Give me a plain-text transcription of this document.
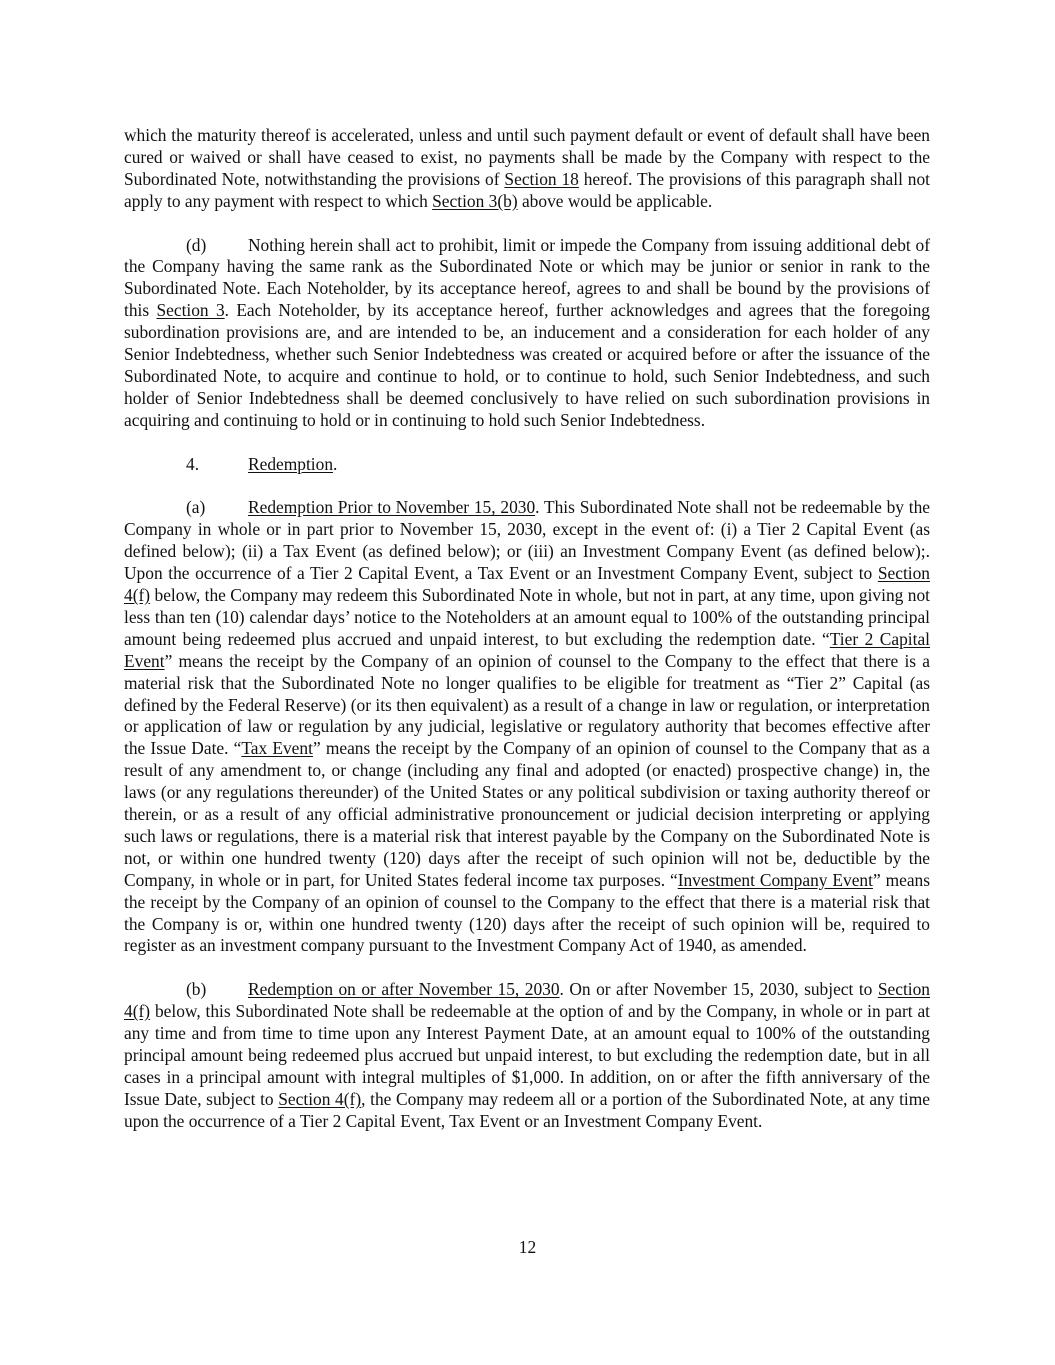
which the maturity thereof is accelerated, unless and until such payment default or event of default shall have been cured or waived or shall have ceased to exist, no payments shall be made by the Company with respect to the Subordinated Note, notwithstanding the provisions of Section 18 hereof. The provisions of this paragraph shall not apply to any payment with respect to which Section 3(b) above would be applicable.

(d) Nothing herein shall act to prohibit, limit or impede the Company from issuing additional debt of the Company having the same rank as the Subordinated Note or which may be junior or senior in rank to the Subordinated Note. Each Noteholder, by its acceptance hereof, agrees to and shall be bound by the provisions of this Section 3. Each Noteholder, by its acceptance hereof, further acknowledges and agrees that the foregoing subordination provisions are, and are intended to be, an inducement and a consideration for each holder of any Senior Indebtedness, whether such Senior Indebtedness was created or acquired before or after the issuance of the Subordinated Note, to acquire and continue to hold, or to continue to hold, such Senior Indebtedness, and such holder of Senior Indebtedness shall be deemed conclusively to have relied on such subordination provisions in acquiring and continuing to hold or in continuing to hold such Senior Indebtedness.

4.	Redemption.

(a) Redemption Prior to November 15, 2030. This Subordinated Note shall not be redeemable by the Company in whole or in part prior to November 15, 2030, except in the event of: (i) a Tier 2 Capital Event (as defined below); (ii) a Tax Event (as defined below); or (iii) an Investment Company Event (as defined below);. Upon the occurrence of a Tier 2 Capital Event, a Tax Event or an Investment Company Event, subject to Section 4(f) below, the Company may redeem this Subordinated Note in whole, but not in part, at any time, upon giving not less than ten (10) calendar days’ notice to the Noteholders at an amount equal to 100% of the outstanding principal amount being redeemed plus accrued and unpaid interest, to but excluding the redemption date. “Tier 2 Capital Event” means the receipt by the Company of an opinion of counsel to the Company to the effect that there is a material risk that the Subordinated Note no longer qualifies to be eligible for treatment as “Tier 2” Capital (as defined by the Federal Reserve) (or its then equivalent) as a result of a change in law or regulation, or interpretation or application of law or regulation by any judicial, legislative or regulatory authority that becomes effective after the Issue Date. “Tax Event” means the receipt by the Company of an opinion of counsel to the Company that as a result of any amendment to, or change (including any final and adopted (or enacted) prospective change) in, the laws (or any regulations thereunder) of the United States or any political subdivision or taxing authority thereof or therein, or as a result of any official administrative pronouncement or judicial decision interpreting or applying such laws or regulations, there is a material risk that interest payable by the Company on the Subordinated Note is not, or within one hundred twenty (120) days after the receipt of such opinion will not be, deductible by the Company, in whole or in part, for United States federal income tax purposes. “Investment Company Event” means the receipt by the Company of an opinion of counsel to the Company to the effect that there is a material risk that the Company is or, within one hundred twenty (120) days after the receipt of such opinion will be, required to register as an investment company pursuant to the Investment Company Act of 1940, as amended.

(b) Redemption on or after November 15, 2030. On or after November 15, 2030, subject to Section 4(f) below, this Subordinated Note shall be redeemable at the option of and by the Company, in whole or in part at any time and from time to time upon any Interest Payment Date, at an amount equal to 100% of the outstanding principal amount being redeemed plus accrued but unpaid interest, to but excluding the redemption date, but in all cases in a principal amount with integral multiples of $1,000. In addition, on or after the fifth anniversary of the Issue Date, subject to Section 4(f), the Company may redeem all or a portion of the Subordinated Note, at any time upon the occurrence of a Tier 2 Capital Event, Tax Event or an Investment Company Event.

12
